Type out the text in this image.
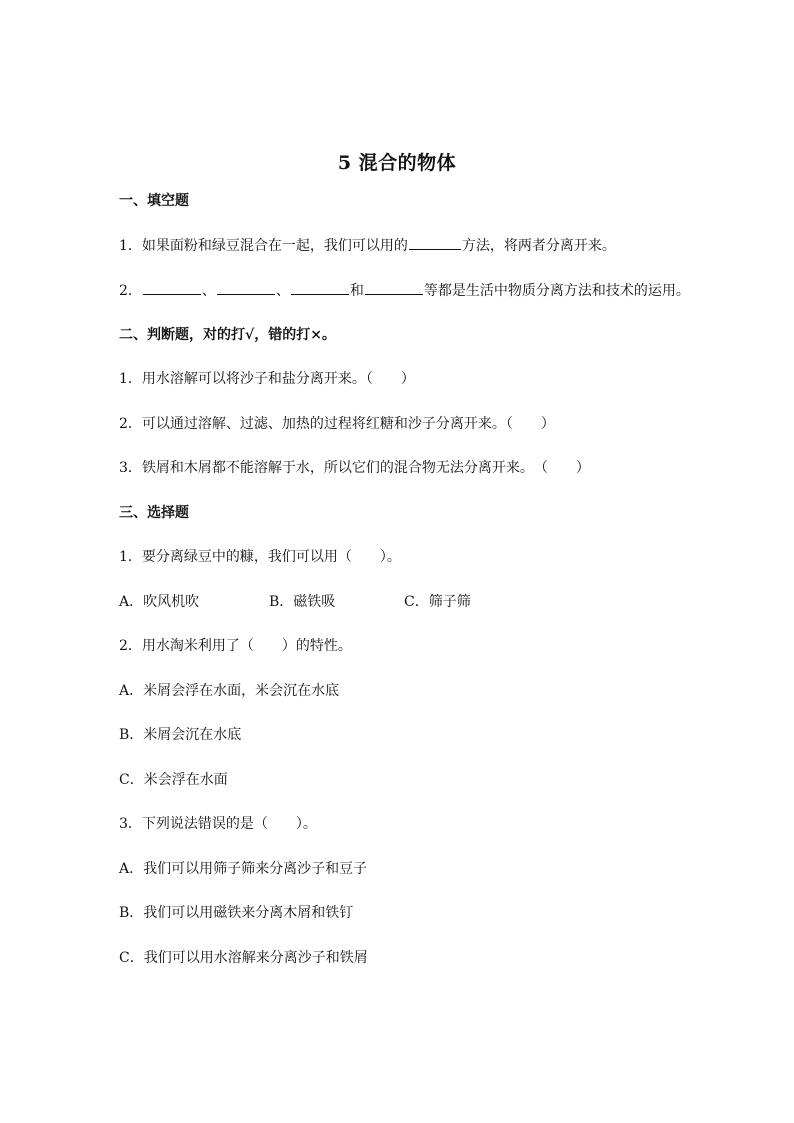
5 混合的物体
一、填空题
1．如果面粉和绿豆混合在一起，我们可以用的	方法，将两者分离开来。
2．	、	、	和	等都是生活中物质分离方法和技术的运用。
二、判断题，对的打√，错的打×。
1．用水溶解可以将沙子和盐分离开来。（　　）
2．可以通过溶解、过滤、加热的过程将红糖和沙子分离开来。（　　）
3．铁屑和木屑都不能溶解于水，所以它们的混合物无法分离开来。　（　　）
三、选择题
1．要分离绿豆中的糠，我们可以用（　　）。
A．吹风机吹	B．磁铁吸	C．筛子筛
2．用水淘米利用了（　　）的特性。
A．米屑会浮在水面，米会沉在水底
B．米屑会沉在水底
C．米会浮在水面
3．下列说法错误的是（　　）。
A．我们可以用筛子筛来分离沙子和豆子
B．我们可以用磁铁来分离木屑和铁钉
C．我们可以用水溶解来分离沙子和铁屑
